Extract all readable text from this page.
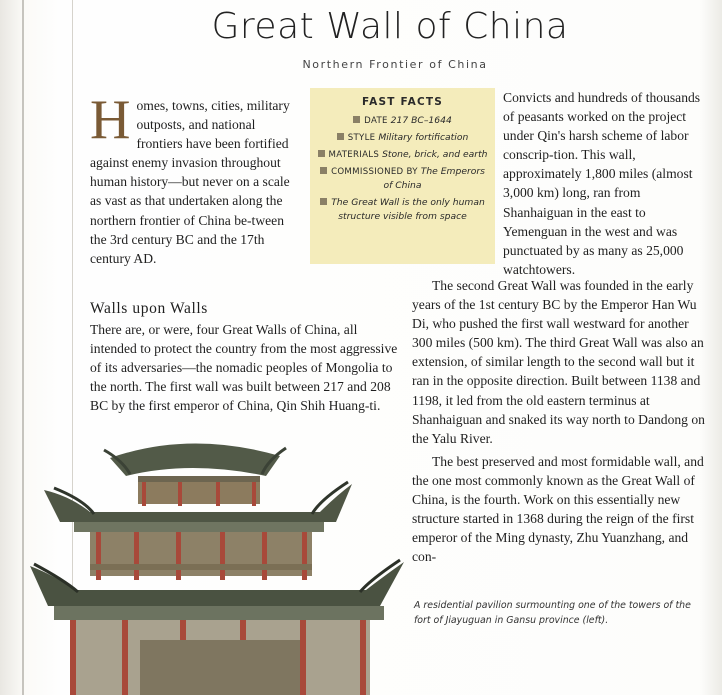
Great Wall of China
Northern Frontier of China
Homes, towns, cities, military outposts, and national frontiers have been fortified against enemy invasion throughout human history—but never on a scale as vast as that undertaken along the northern frontier of China be-tween the 3rd century BC and the 17th century AD.
FAST FACTS
DATE 217 BC–1644
STYLE Military fortification
MATERIALS Stone, brick, and earth
COMMISSIONED BY The Emperors of China
The Great Wall is the only human structure visible from space
Convicts and hundreds of thousands of peasants worked on the project under Qin's harsh scheme of labor conscrip-tion. This wall, approximately 1,800 miles (almost 3,000 km) long, ran from Shanhaiguan in the east to Yemenguan in the west and was punctuated by as many as 25,000 watchtowers.
Walls upon Walls
There are, or were, four Great Walls of China, all intended to protect the country from the most aggressive of its adversaries—the nomadic peoples of Mongolia to the north. The first wall was built between 217 and 208 BC by the first emperor of China, Qin Shih Huang-ti.

The second Great Wall was founded in the early years of the 1st century BC by the Emperor Han Wu Di, who pushed the first wall westward for another 300 miles (500 km). The third Great Wall was also an extension, of similar length to the second wall but it ran in the opposite direction. Built between 1138 and 1198, it led from the old eastern terminus at Shanhaiguan and snaked its way north to Dandong on the Yalu River.

The best preserved and most formidable wall, and the one most commonly known as the Great Wall of China, is the fourth. Work on this essentially new structure started in 1368 during the reign of the first emperor of the Ming dynasty, Zhu Yuanzhang, and con-

A residential pavilion surmounting one of the towers of the fort of Jiayuguan in Gansu province (left).
